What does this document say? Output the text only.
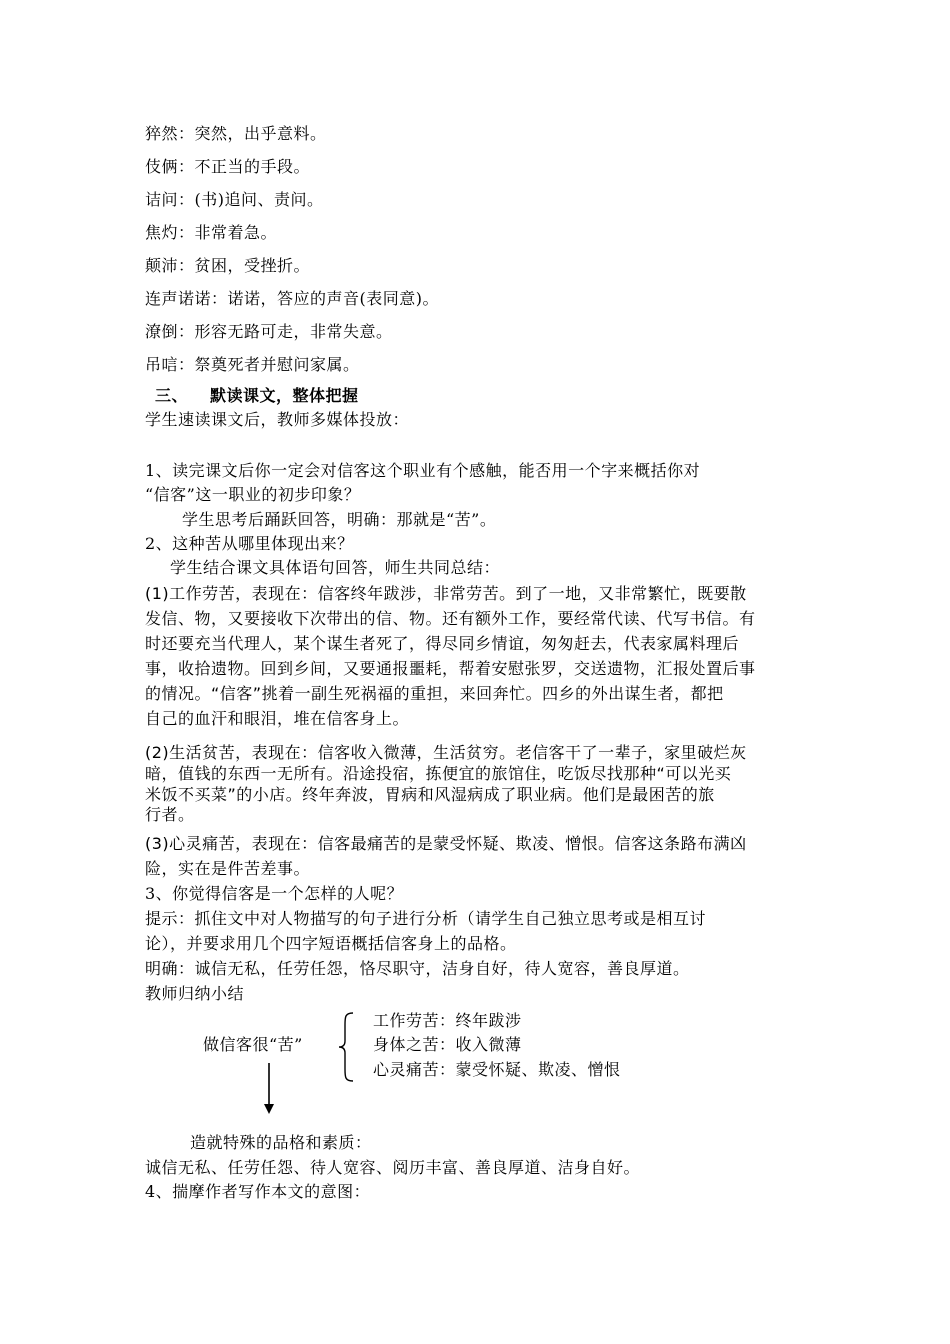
猝然：突然，出乎意料。
伎俩：不正当的手段。
诘问：(书)追问、责问。
焦灼：非常着急。
颠沛：贫困，受挫折。
连声诺诺：诺诺，答应的声音(表同意)。
潦倒：形容无路可走，非常失意。
吊唁：祭奠死者并慰问家属。
三、 默读课文，整体把握
学生速读课文后，教师多媒体投放：
1、读完课文后你一定会对信客这个职业有个感触，能否用一个字来概括你对
“信客”这一职业的初步印象？
学生思考后踊跃回答，明确：那就是“苦”。
2、这种苦从哪里体现出来？
学生结合课文具体语句回答，师生共同总结：
(1)工作劳苦，表现在：信客终年跋涉，非常劳苦。到了一地，又非常繁忙，既要散
发信、物，又要接收下次带出的信、物。还有额外工作，要经常代读、代写书信。有
时还要充当代理人，某个谋生者死了，得尽同乡情谊，匆匆赶去，代表家属料理后
事，收拾遗物。回到乡间，又要通报噩耗，帮着安慰张罗，交送遗物，汇报处置后事
的情况。“信客”挑着一副生死祸福的重担，来回奔忙。四乡的外出谋生者，都把
自己的血汗和眼泪，堆在信客身上。
(2)生活贫苦，表现在：信客收入微薄，生活贫穷。老信客干了一辈子，家里破烂灰
暗，值钱的东西一无所有。沿途投宿，拣便宜的旅馆住，吃饭尽找那种“可以光买
米饭不买菜”的小店。终年奔波，胃病和风湿病成了职业病。他们是最困苦的旅
行者。
(3)心灵痛苦，表现在：信客最痛苦的是蒙受怀疑、欺凌、憎恨。信客这条路布满凶
险，实在是件苦差事。
3、你觉得信客是一个怎样的人呢？
提示：抓住文中对人物描写的句子进行分析（请学生自己独立思考或是相互讨
论），并要求用几个四字短语概括信客身上的品格。
明确：诚信无私，任劳任怨，恪尽职守，洁身自好，待人宽容，善良厚道。
教师归纳小结
做信客很“苦”
工作劳苦：终年跋涉
身体之苦：收入微薄
心灵痛苦：蒙受怀疑、欺凌、憎恨
造就特殊的品格和素质：
诚信无私、任劳任怨、待人宽容、阅历丰富、善良厚道、洁身自好。
4、揣摩作者写作本文的意图：
